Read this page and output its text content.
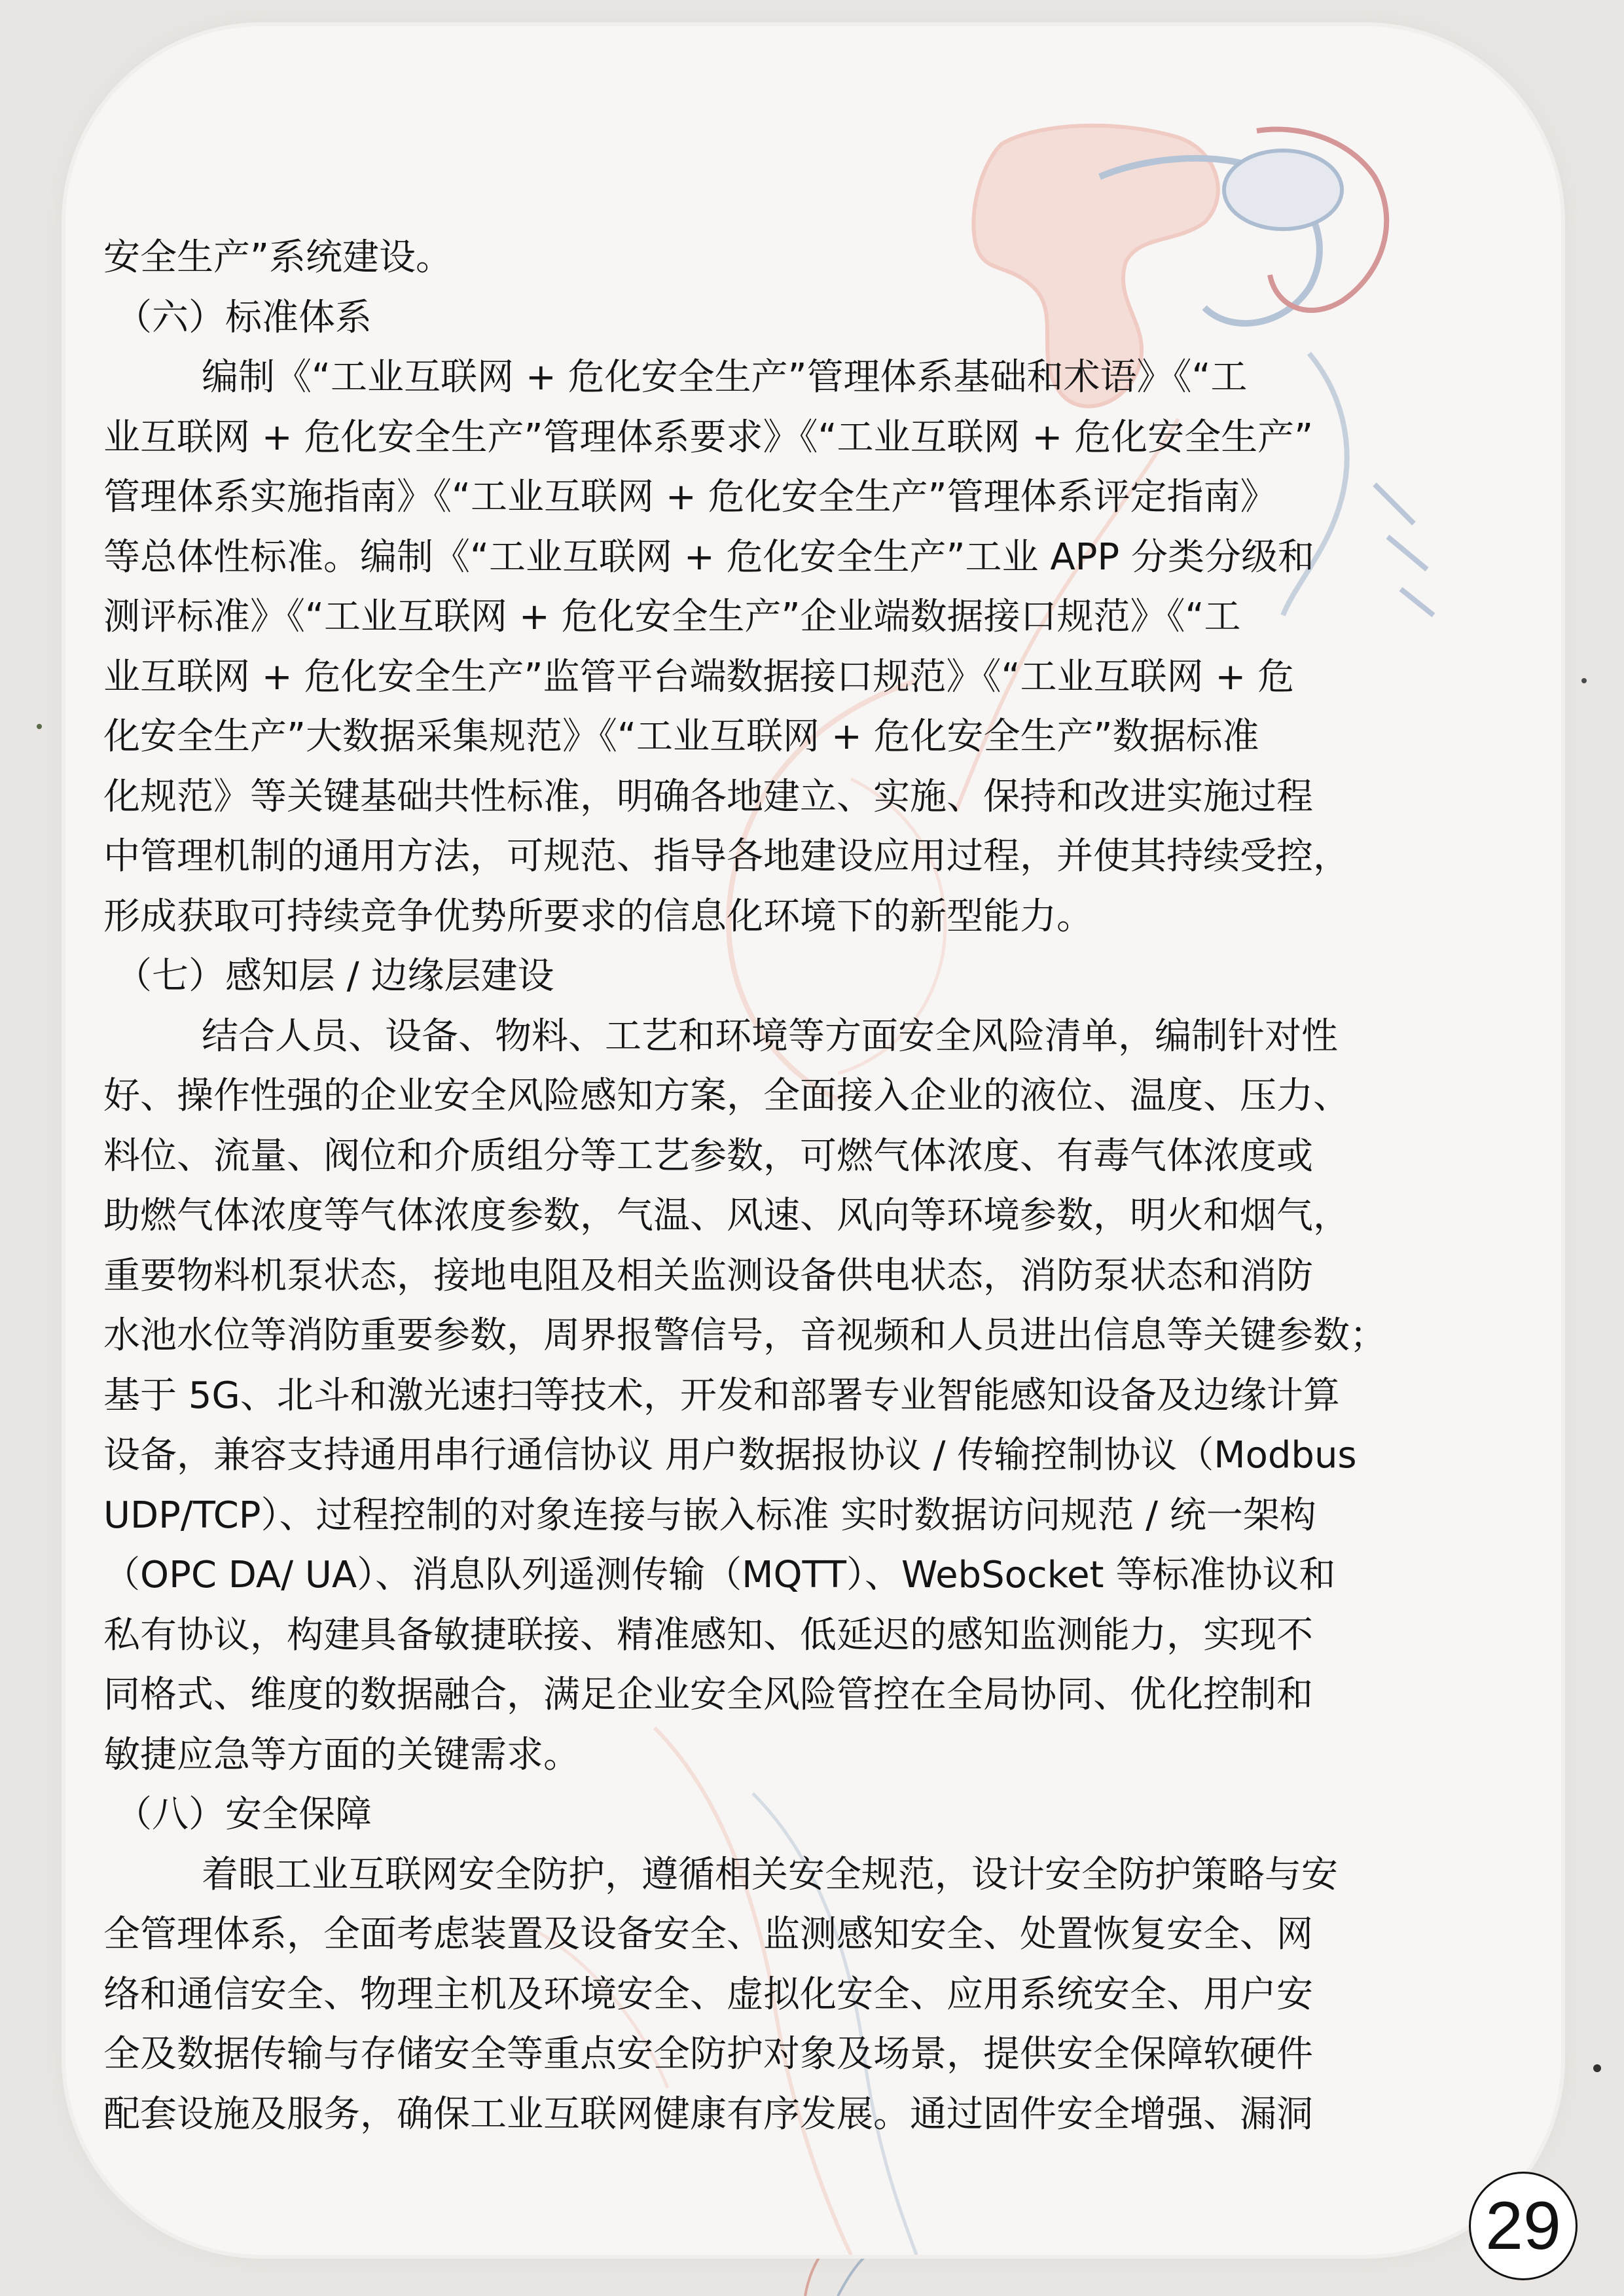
安全生产”系统建设。
（六）标准体系
编制《“工业互联网 + 危化安全生产”管理体系基础和术语》《“工
业互联网 + 危化安全生产”管理体系要求》《“工业互联网 + 危化安全生产”
管理体系实施指南》《“工业互联网 + 危化安全生产”管理体系评定指南》
等总体性标准。编制《“工业互联网 + 危化安全生产”工业 APP 分类分级和
测评标准》《“工业互联网 + 危化安全生产”企业端数据接口规范》《“工
业互联网 + 危化安全生产”监管平台端数据接口规范》《“工业互联网 + 危
化安全生产”大数据采集规范》《“工业互联网 + 危化安全生产”数据标准
化规范》等关键基础共性标准，明确各地建立、实施、保持和改进实施过程
中管理机制的通用方法，可规范、指导各地建设应用过程，并使其持续受控，
形成获取可持续竞争优势所要求的信息化环境下的新型能力。
（七）感知层 / 边缘层建设
结合人员、设备、物料、工艺和环境等方面安全风险清单，编制针对性
好、操作性强的企业安全风险感知方案，全面接入企业的液位、温度、压力、
料位、流量、阀位和介质组分等工艺参数，可燃气体浓度、有毒气体浓度或
助燃气体浓度等气体浓度参数，气温、风速、风向等环境参数，明火和烟气，
重要物料机泵状态，接地电阻及相关监测设备供电状态，消防泵状态和消防
水池水位等消防重要参数，周界报警信号，音视频和人员进出信息等关键参数；
基于 5G、北斗和激光速扫等技术，开发和部署专业智能感知设备及边缘计算
设备，兼容支持通用串行通信协议 用户数据报协议 / 传输控制协议（Modbus
UDP/TCP）、过程控制的对象连接与嵌入标准 实时数据访问规范 / 统一架构
（OPC DA/ UA）、消息队列遥测传输（MQTT）、WebSocket 等标准协议和
私有协议，构建具备敏捷联接、精准感知、低延迟的感知监测能力，实现不
同格式、维度的数据融合，满足企业安全风险管控在全局协同、优化控制和
敏捷应急等方面的关键需求。
（八）安全保障
着眼工业互联网安全防护，遵循相关安全规范，设计安全防护策略与安
全管理体系，全面考虑装置及设备安全、监测感知安全、处置恢复安全、网
络和通信安全、物理主机及环境安全、虚拟化安全、应用系统安全、用户安
全及数据传输与存储安全等重点安全防护对象及场景，提供安全保障软硬件
配套设施及服务，确保工业互联网健康有序发展。通过固件安全增强、漏洞
29
